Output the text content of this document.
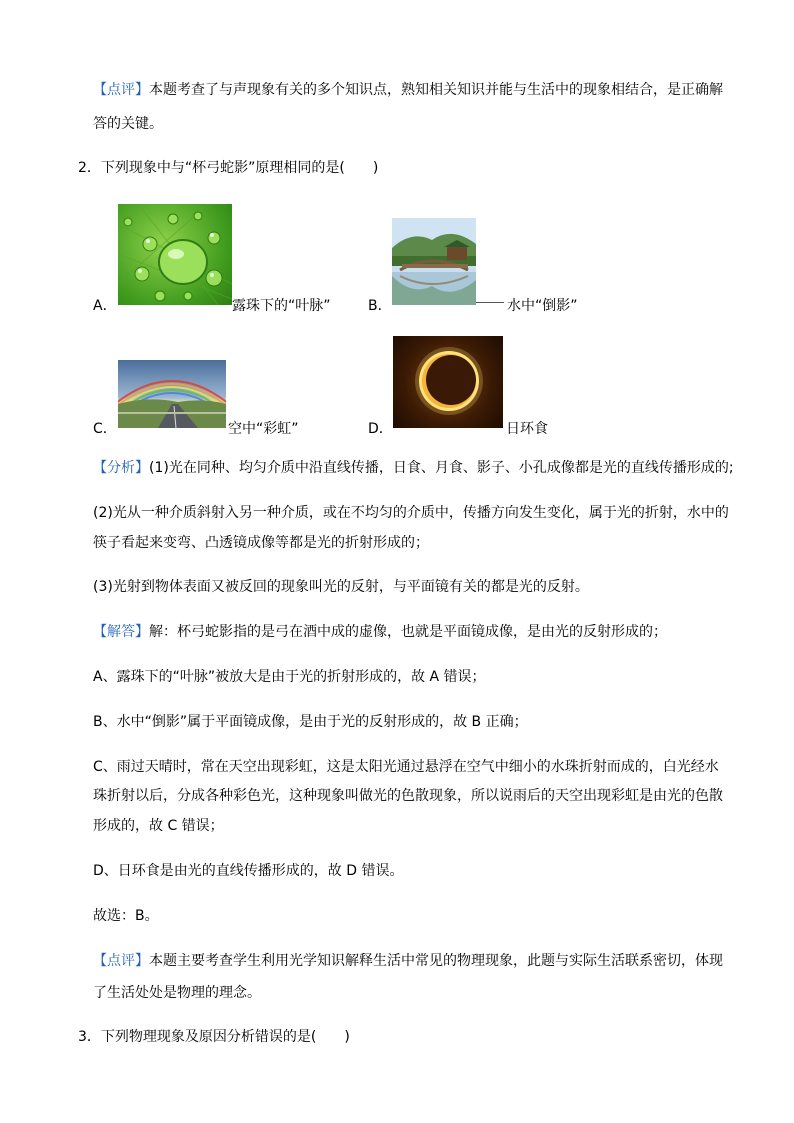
【点评】本题考查了与声现象有关的多个知识点，熟知相关知识并能与生活中的现象相结合，是正确解
答的关键。
2．下列现象中与“杯弓蛇影”原理相同的是(　　)
A．	露珠下的“叶脉”	B．	水中“倒影”
C．	空中“彩虹”	D．	日环食
【分析】(1)光在同种、均匀介质中沿直线传播，日食、月食、影子、小孔成像都是光的直线传播形成的;
(2)光从一种介质斜射入另一种介质，或在不均匀的介质中，传播方向发生变化，属于光的折射，水中的
筷子看起来变弯、凸透镜成像等都是光的折射形成的；
(3)光射到物体表面又被反回的现象叫光的反射，与平面镜有关的都是光的反射。
【解答】解：杯弓蛇影指的是弓在酒中成的虚像，也就是平面镜成像，是由光的反射形成的；
A、露珠下的“叶脉”被放大是由于光的折射形成的，故 A 错误；
B、水中“倒影”属于平面镜成像，是由于光的反射形成的，故 B 正确；
C、雨过天晴时，常在天空出现彩虹，这是太阳光通过悬浮在空气中细小的水珠折射而成的，白光经水
珠折射以后，分成各种彩色光，这种现象叫做光的色散现象，所以说雨后的天空出现彩虹是由光的色散
形成的，故 C 错误；
D、日环食是由光的直线传播形成的，故 D 错误。
故选：B。
【点评】本题主要考查学生利用光学知识解释生活中常见的物理现象，此题与实际生活联系密切，体现
了生活处处是物理的理念。
3．下列物理现象及原因分析错误的是(　　)
